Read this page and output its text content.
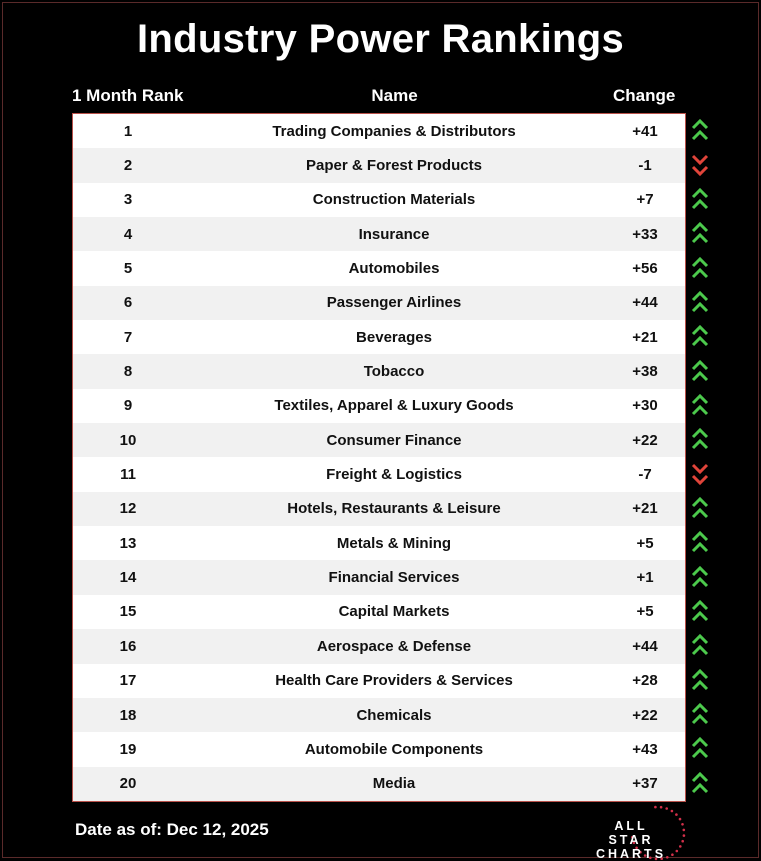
Industry Power Rankings
1 Month Rank	Name	Change
1	Trading Companies & Distributors	+41
2	Paper & Forest Products	-1
3	Construction Materials	+7
4	Insurance	+33
5	Automobiles	+56
6	Passenger Airlines	+44
7	Beverages	+21
8	Tobacco	+38
9	Textiles, Apparel & Luxury Goods	+30
10	Consumer Finance	+22
11	Freight & Logistics	-7
12	Hotels, Restaurants & Leisure	+21
13	Metals & Mining	+5
14	Financial Services	+1
15	Capital Markets	+5
16	Aerospace & Defense	+44
17	Health Care Providers & Services	+28
18	Chemicals	+22
19	Automobile Components	+43
20	Media	+37
Date as of: Dec 12, 2025	ALL STAR
CHARTS
